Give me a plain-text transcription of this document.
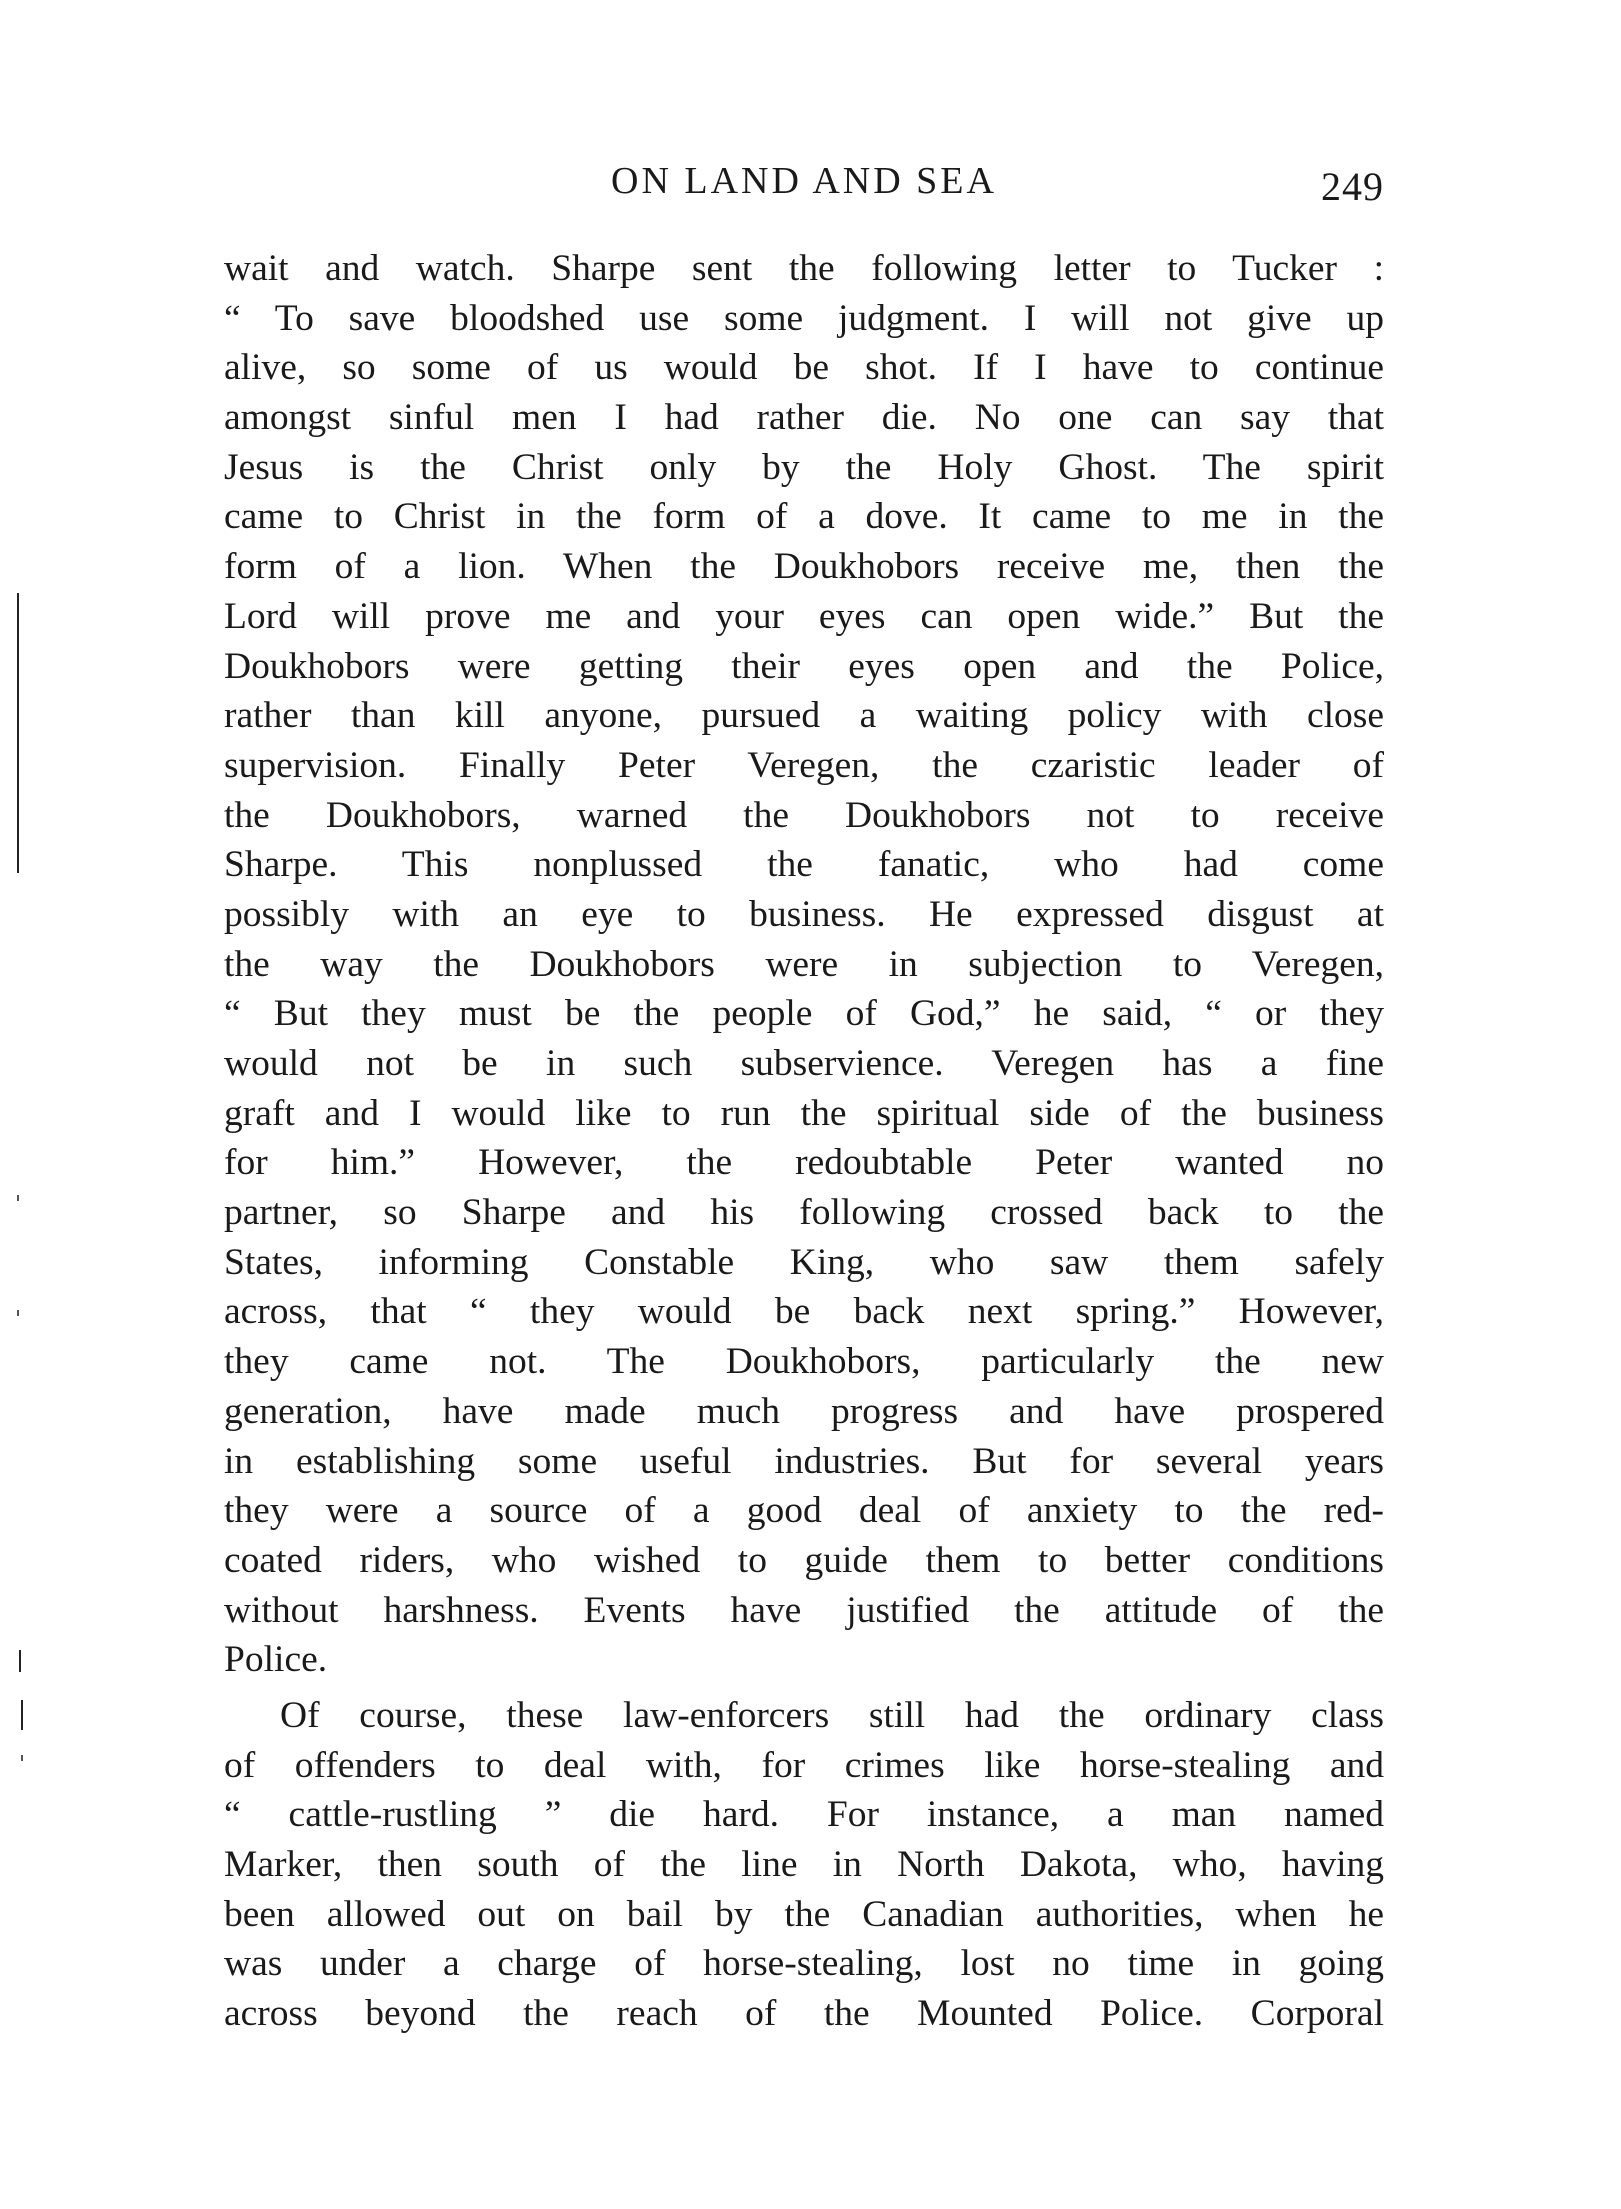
ON LAND AND SEA	249
wait and watch. Sharpe sent the following letter to Tucker :
“ To save bloodshed use some judgment. I will not give up
alive, so some of us would be shot. If I have to continue
amongst sinful men I had rather die. No one can say that
Jesus is the Christ only by the Holy Ghost. The spirit
came to Christ in the form of a dove. It came to me in the
form of a lion. When the Doukhobors receive me, then the
Lord will prove me and your eyes can open wide.” But the
Doukhobors were getting their eyes open and the Police,
rather than kill anyone, pursued a waiting policy with close
supervision. Finally Peter Veregen, the czaristic leader of
the Doukhobors, warned the Doukhobors not to receive
Sharpe. This nonplussed the fanatic, who had come
possibly with an eye to business. He expressed disgust at
the way the Doukhobors were in subjection to Veregen,
“ But they must be the people of God,” he said, “ or they
would not be in such subservience. Veregen has a fine
graft and I would like to run the spiritual side of the business
for him.” However, the redoubtable Peter wanted no
partner, so Sharpe and his following crossed back to the
States, informing Constable King, who saw them safely
across, that “ they would be back next spring.” However,
they came not. The Doukhobors, particularly the new
generation, have made much progress and have prospered
in establishing some useful industries. But for several years
they were a source of a good deal of anxiety to the red-
coated riders, who wished to guide them to better conditions
without harshness. Events have justified the attitude of the
Police.
Of course, these law-enforcers still had the ordinary class
of offenders to deal with, for crimes like horse-stealing and
“ cattle-rustling ” die hard. For instance, a man named
Marker, then south of the line in North Dakota, who, having
been allowed out on bail by the Canadian authorities, when he
was under a charge of horse-stealing, lost no time in going
across beyond the reach of the Mounted Police. Corporal
